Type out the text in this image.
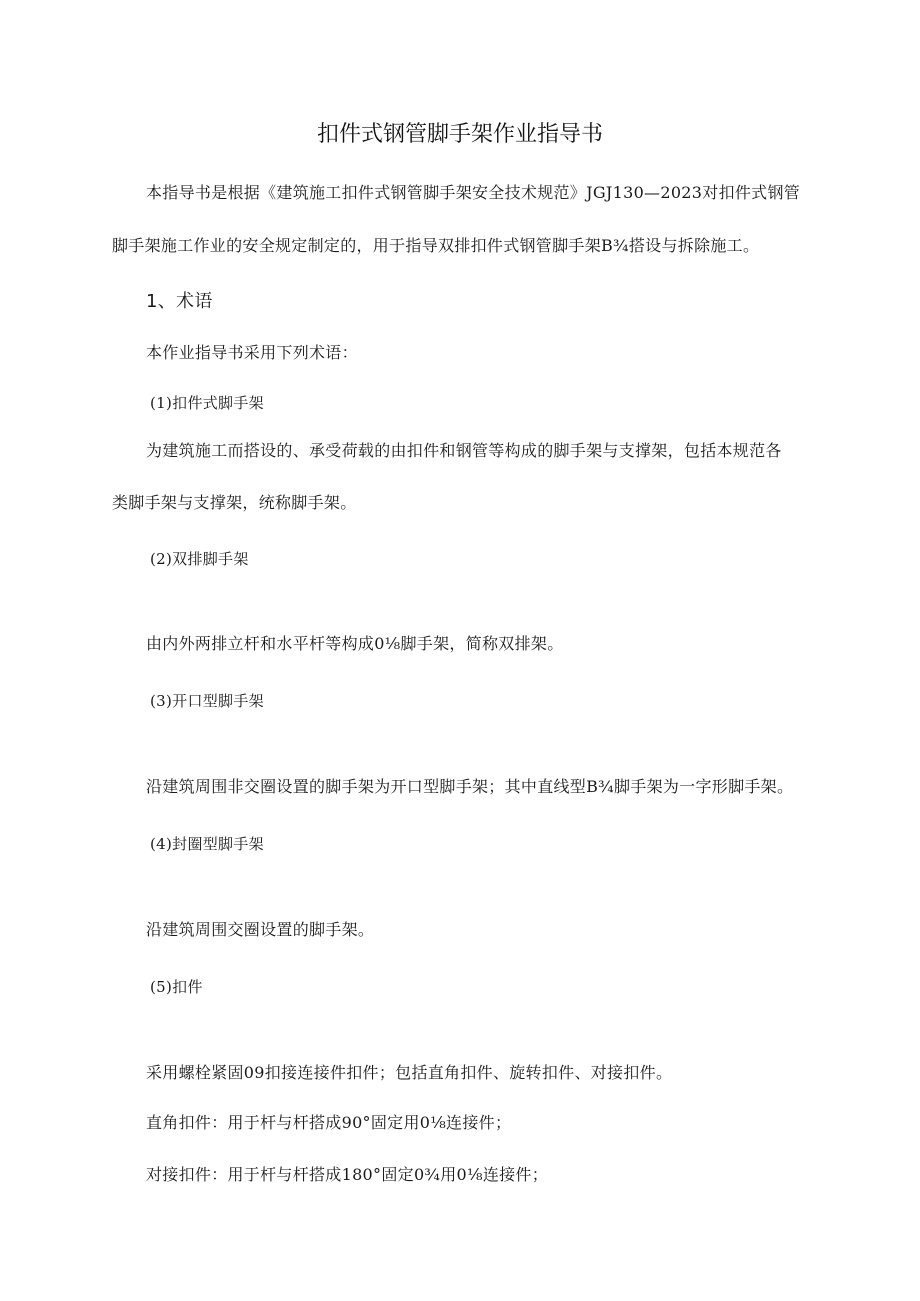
扣件式钢管脚手架作业指导书
本指导书是根据《建筑施工扣件式钢管脚手架安全技术规范》JGJ130—2023对扣件式钢管
脚手架施工作业的安全规定制定的，用于指导双排扣件式钢管脚手架B¾搭设与拆除施工。
1、术语
本作业指导书采用下列术语：
(1)扣件式脚手架
为建筑施工而搭设的、承受荷载的由扣件和钢管等构成的脚手架与支撑架，包括本规范各
类脚手架与支撑架，统称脚手架。
(2)双排脚手架
由内外两排立杆和水平杆等构成0⅛脚手架，简称双排架。
(3)开口型脚手架
沿建筑周围非交圈设置的脚手架为开口型脚手架；其中直线型B¾脚手架为一字形脚手架。
(4)封圈型脚手架
沿建筑周围交圈设置的脚手架。
(5)扣件
采用螺栓紧固09扣接连接件扣件；包括直角扣件、旋转扣件、对接扣件。
直角扣件：用于杆与杆搭成90°固定用0⅛连接件；
对接扣件：用于杆与杆搭成180°固定0¾用0⅛连接件；
